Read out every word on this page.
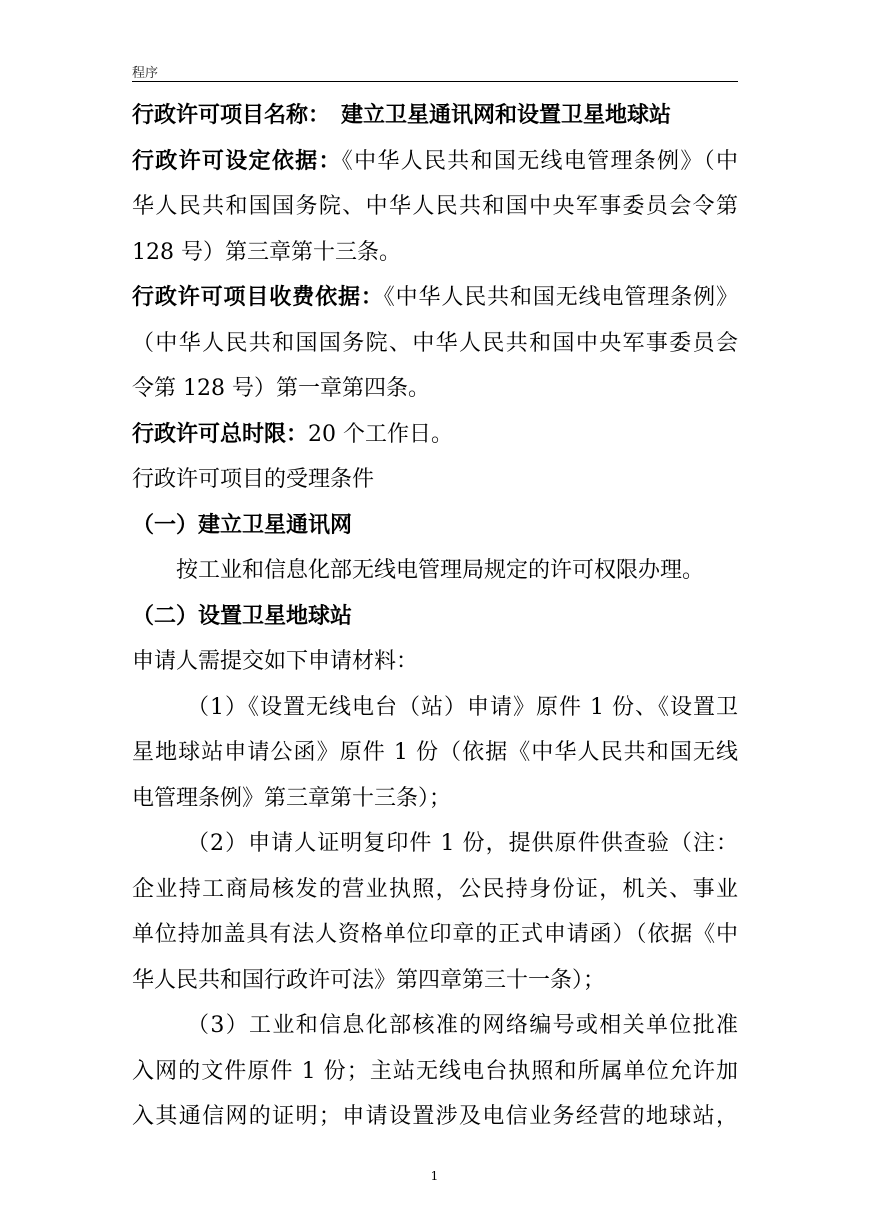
程序
行政许可项目名称：　建立卫星通讯网和设置卫星地球站
行政许可设定依据：《中华人民共和国无线电管理条例》（中
华人民共和国国务院、中华人民共和国中央军事委员会令第
128 号）第三章第十三条。
行政许可项目收费依据：《中华人民共和国无线电管理条例》
（中华人民共和国国务院、中华人民共和国中央军事委员会
令第 128 号）第一章第四条。
行政许可总时限：20 个工作日。
行政许可项目的受理条件
（一）建立卫星通讯网
按工业和信息化部无线电管理局规定的许可权限办理。
（二）设置卫星地球站
申请人需提交如下申请材料：
（1）《设置无线电台（站）申请》原件 1 份、《设置卫
星地球站申请公函》原件 1 份（依据《中华人民共和国无线
电管理条例》第三章第十三条）；
（2）申请人证明复印件 1 份，提供原件供查验（注：
企业持工商局核发的营业执照，公民持身份证，机关、事业
单位持加盖具有法人资格单位印章的正式申请函）（依据《中
华人民共和国行政许可法》第四章第三十一条）；
（3）工业和信息化部核准的网络编号或相关单位批准
入网的文件原件 1 份；主站无线电台执照和所属单位允许加
入其通信网的证明；申请设置涉及电信业务经营的地球站，
1
